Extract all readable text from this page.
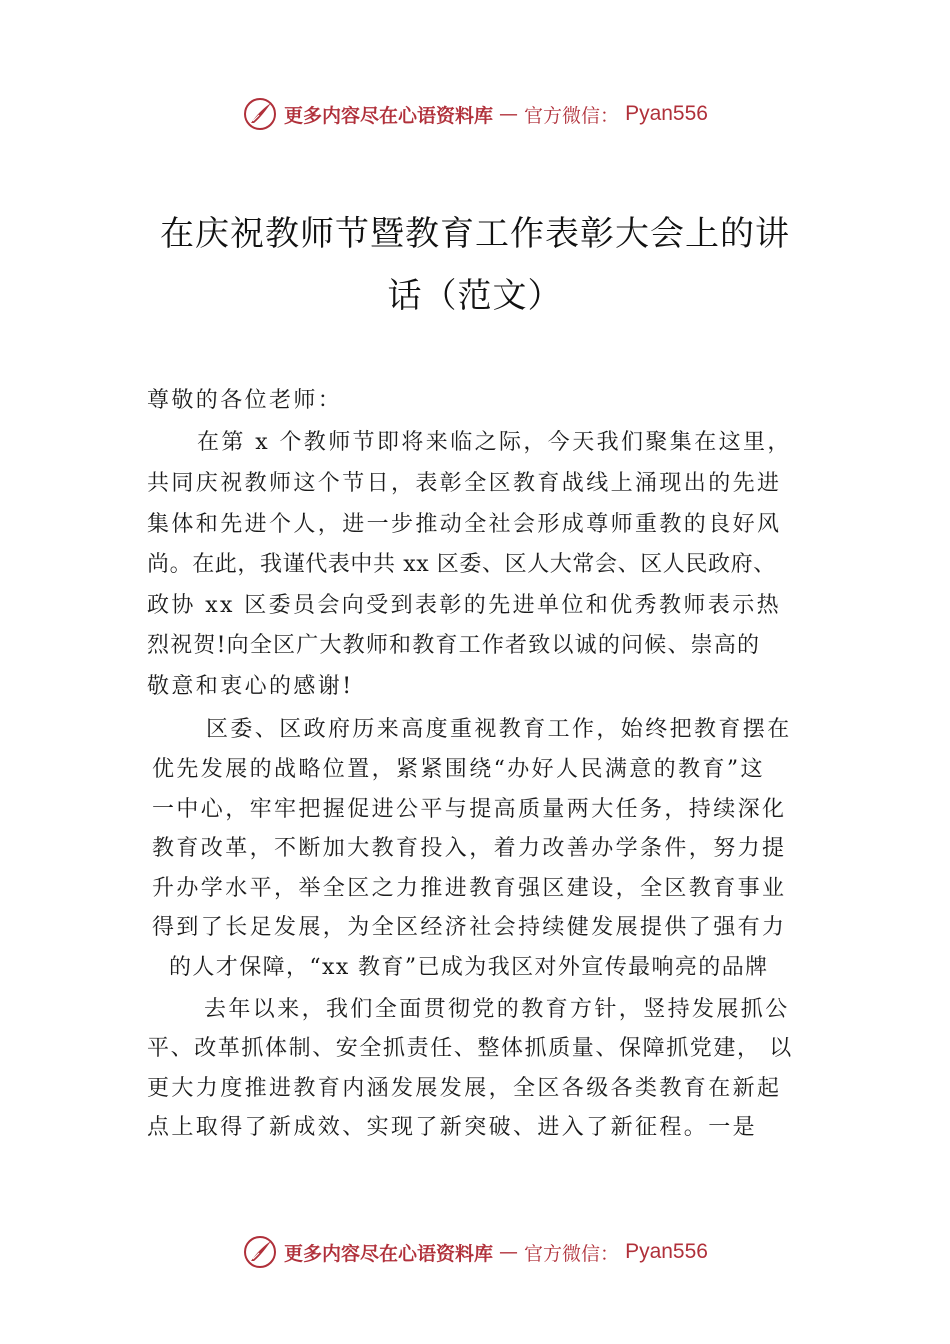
更多内容尽在心语资料库 — 官方微信： Pyan556
在庆祝教师节暨教育工作表彰大会上的讲
话（范文）
尊敬的各位老师：
在第 x 个教师节即将来临之际，今天我们聚集在这里，
共同庆祝教师这个节日，表彰全区教育战线上涌现出的先进
集体和先进个人，进一步推动全社会形成尊师重教的良好风
尚。在此，我谨代表中共 xx 区委、区人大常会、区人民政府、
政协 xx 区委员会向受到表彰的先进单位和优秀教师表示热
烈祝贺!向全区广大教师和教育工作者致以诚的问候、崇高的
敬意和衷心的感谢!
区委、区政府历来高度重视教育工作，始终把教育摆在
优先发展的战略位置，紧紧围绕“办好人民满意的教育”这
一中心，牢牢把握促进公平与提高质量两大任务，持续深化
教育改革，不断加大教育投入，着力改善办学条件，努力提
升办学水平，举全区之力推进教育强区建设，全区教育事业
得到了长足发展，为全区经济社会持续健发展提供了强有力
的人才保障，“xx 教育”已成为我区对外宣传最响亮的品牌
去年以来，我们全面贯彻党的教育方针，竖持发展抓公
平、改革抓体制、安全抓责任、整体抓质量、保障抓党建， 以
更大力度推进教育内涵发展发展，全区各级各类教育在新起
点上取得了新成效、实现了新突破、进入了新征程。一是
更多内容尽在心语资料库 — 官方微信： Pyan556
